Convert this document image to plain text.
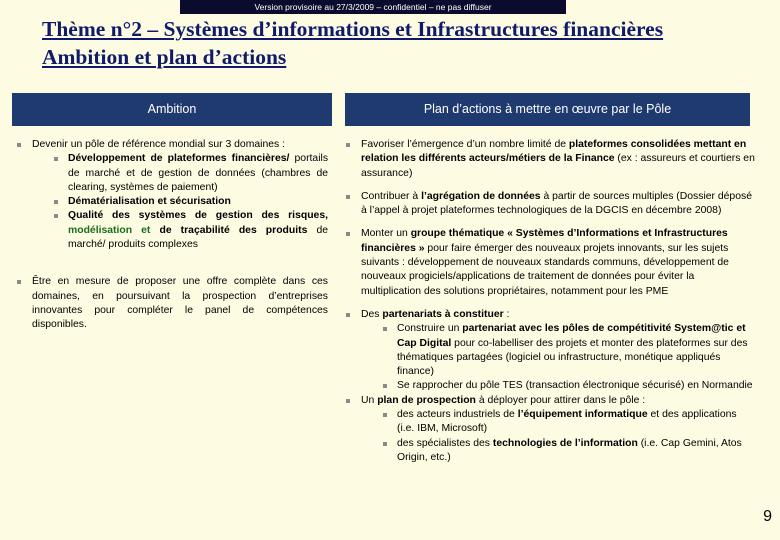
Version provisoire au 27/3/2009 – confidentiel – ne pas diffuser
Thème n°2 – Systèmes d’informations et Infrastructures financières
Ambition et plan d’actions
Ambition	Plan d’actions à mettre en œuvre par le Pôle
Devenir un pôle de référence mondial sur 3 domaines :
Développement de plateformes financières/ portails de marché et de gestion de données (chambres de clearing, systèmes de paiement)
Dématérialisation et sécurisation
Qualité des systèmes de gestion des risques, modélisation et de traçabilité des produits de marché/ produits complexes
Être en mesure de proposer une offre complète dans ces domaines, en poursuivant la prospection d’entreprises innovantes pour compléter le panel de compétences disponibles.
Favoriser l’émergence d’un nombre limité de plateformes consolidées mettant en relation les différents acteurs/métiers de la Finance (ex : assureurs et courtiers en assurance)
Contribuer à l’agrégation de données à partir de sources multiples (Dossier déposé à l’appel à projet plateformes technologiques de la DGCIS en décembre 2008)
Monter un groupe thématique « Systèmes d’Informations et Infrastructures financières » pour faire émerger des nouveaux projets innovants, sur les sujets suivants : développement de nouveaux standards communs, développement de nouveaux progiciels/applications de traitement de données pour éviter la multiplication des solutions propriétaires, notamment pour les PME
Des partenariats à constituer :
Construire un partenariat avec les pôles de compétitivité System@tic et Cap Digital pour co-labelliser des projets et monter des plateformes sur des thématiques partagées (logiciel ou infrastructure, monétique appliqués finance)
Se rapprocher du pôle TES (transaction électronique sécurisé) en Normandie
Un plan de prospection à déployer pour attirer dans le pôle :
des acteurs industriels de l’équipement informatique et des applications (i.e. IBM, Microsoft)
des spécialistes des technologies de l’information (i.e. Cap Gemini, Atos Origin, etc.)
9
